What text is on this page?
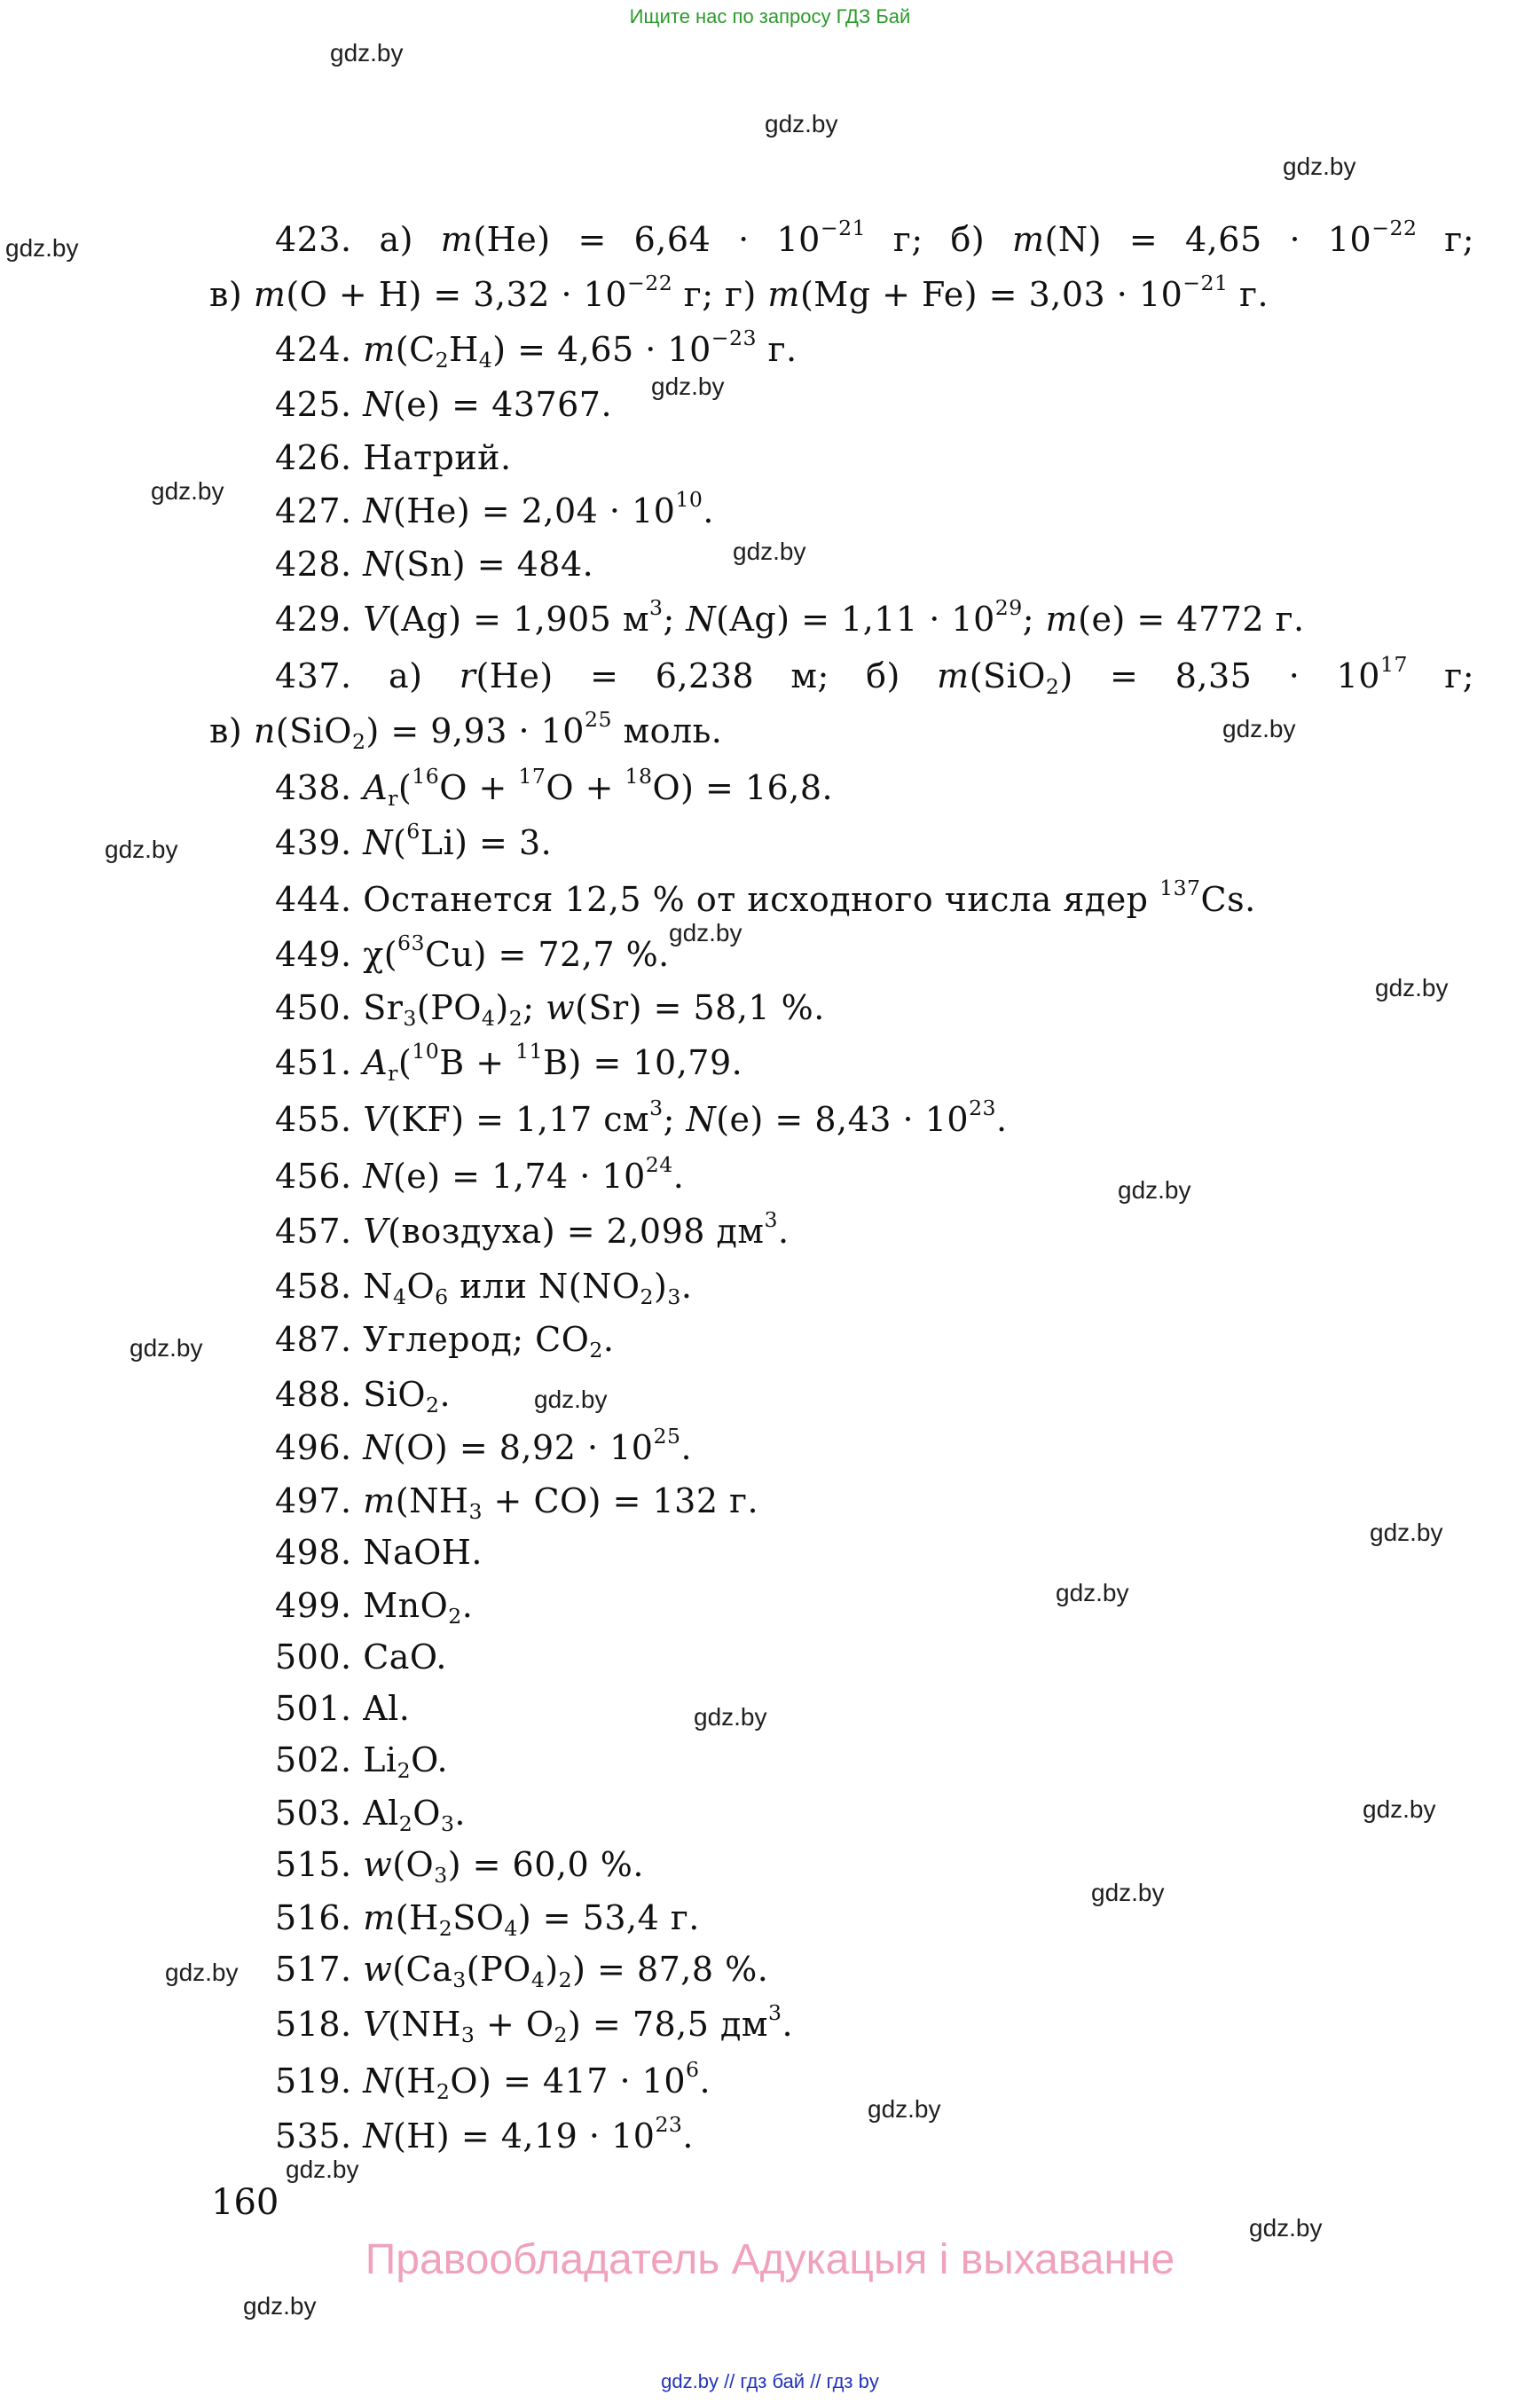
Ищите нас по запросу ГДЗ Бай
gdz.by
gdz.by
gdz.by
gdz.by
gdz.by
gdz.by
gdz.by
gdz.by
gdz.by
gdz.by
gdz.by
gdz.by
gdz.by
gdz.by
gdz.by
gdz.by
gdz.by
gdz.by
gdz.by
gdz.by
gdz.by
gdz.by
gdz.by
gdz.by
423. а) $m(He) = 6,64 \cdot 10^{-21}$ г; б) $m(N) = 4,65 \cdot 10^{-22}$ г;
в) $m(O + H) = 3,32 \cdot 10^{-22}$ г; г) $m(Mg + Fe) = 3,03 \cdot 10^{-21}$ г.
424. $m(C_2H_4) = 4,65 \cdot 10^{-23}$ г.
425. N(e) = 43767.
426. Натрий.
427. $N(He) = 2,04 \cdot 10^{10}$.
428. N(Sn) = 484.
429. V(Ag) = 1,905 $м^3$; $N(Ag) = 1,11 \cdot 10^{29}$; m(e) = 4772 г.
437. а) r(He) = 6,238 м; б) $m(SiO_2) = 8,35 \cdot 10^{17}$ г;
в) $n(SiO_2) = 9,93 \cdot 10^{25}$ моль.
438. $A_r(^{16}O + ^{17}O + ^{18}O) = 16,8$.
439. N($^6$Li) = 3.
444. Останется 12,5 % от исходного числа ядер $^{137}$Cs.
449. χ($^{63}$Cu) = 72,7 %.
450. $Sr_3(PO_4)_2$; w(Sr) = 58,1 %.
451. $A_r(^{10}B + ^{11}B) = 10,79$.
455. V(KF) = 1,17 $см^3$; $N(e) = 8,43 \cdot 10^{23}$.
456. $N(e) = 1,74 \cdot 10^{24}$.
457. V(воздуха) = 2,098 $дм^3$.
458. $N_4O_6$ или $N(NO_2)_3$.
487. Углерод; $CO_2$.
488. SiO$_2$.
496. $N(O) = 8,92 \cdot 10^{25}$.
497. $m(NH_3 + CO) = 132$ г.
498. NaOH.
499. MnO$_2$.
500. CaO.
501. Al.
502. $Li_2O$.
503. $Al_2O_3$.
515. $w(O_3) = 60,0$ %.
516. $m(H_2SO_4) = 53,4$ г.
517. $w(Ca_3(PO_4)_2) = 87,8$ %.
518. $V(NH_3 + O_2) = 78,5$ $дм^3$.
519. $N(H_2O) = 417 \cdot 10^6$.
535. $N(H) = 4,19 \cdot 10^{23}$.
160
Правообладатель Адукацыя і выхаванне
gdz.by // гдз бай // гдз by
